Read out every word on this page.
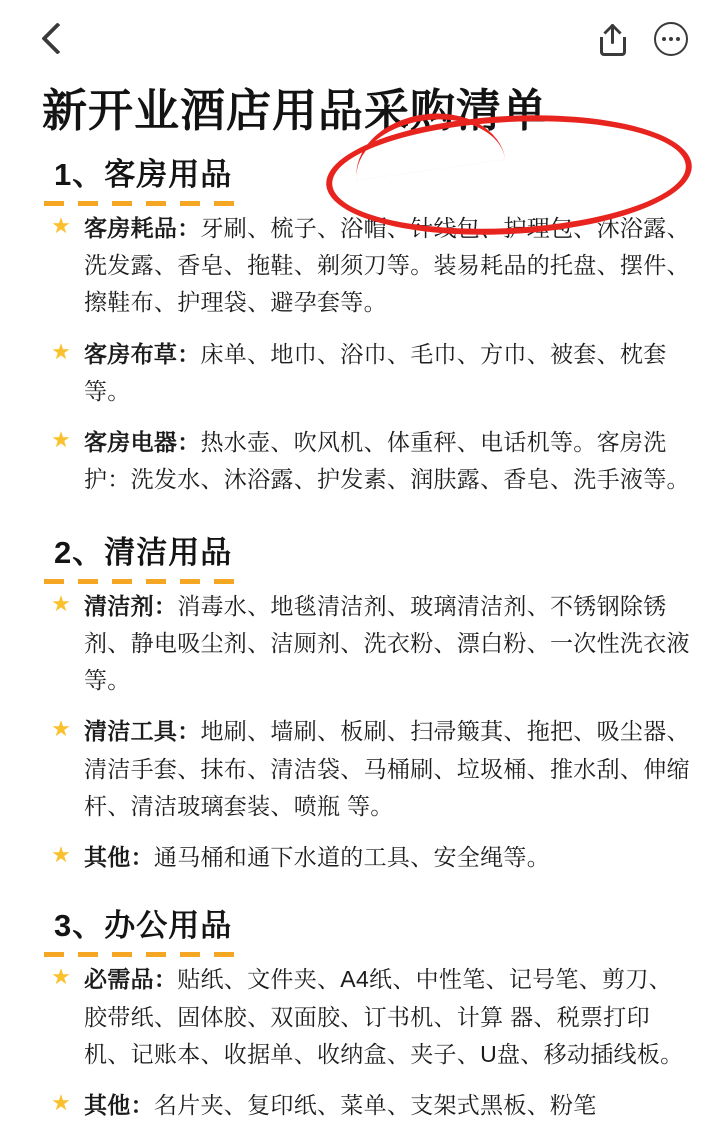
新开业酒店用品采购清单
1、客房用品
★ 客房耗品：牙刷、梳子、浴帽、针线包、护理包、沐浴露、洗发露、香皂、拖鞋、剃须刀等。装易耗品的托盘、摆件、擦鞋布、护理袋、避孕套等。
★ 客房布草：床单、地巾、浴巾、毛巾、方巾、被套、枕套等。
★ 客房电器：热水壶、吹风机、体重秤、电话机等。客房洗护：洗发水、沐浴露、护发素、润肤露、香皂、洗手液等。
2、清洁用品
★ 清洁剂：消毒水、地毯清洁剂、玻璃清洁剂、不锈钢除锈剂、静电吸尘剂、洁厕剂、洗衣粉、漂白粉、一次性洗衣液等。
★ 清洁工具：地刷、墙刷、板刷、扫帚簸萁、拖把、吸尘器、清洁手套、抹布、清洁袋、马桶刷、垃圾桶、推水刮、伸缩杆、清洁玻璃套装、喷瓶 等。
★ 其他：通马桶和通下水道的工具、安全绳等。
3、办公用品
★ 必需品：贴纸、文件夹、A4纸、中性笔、记号笔、剪刀、胶带纸、固体胶、双面胶、订书机、计算 器、税票打印机、记账本、收据单、收纳盒、夹子、U盘、移动插线板。
★ 其他：名片夹、复印纸、菜单、支架式黑板、粉笔
